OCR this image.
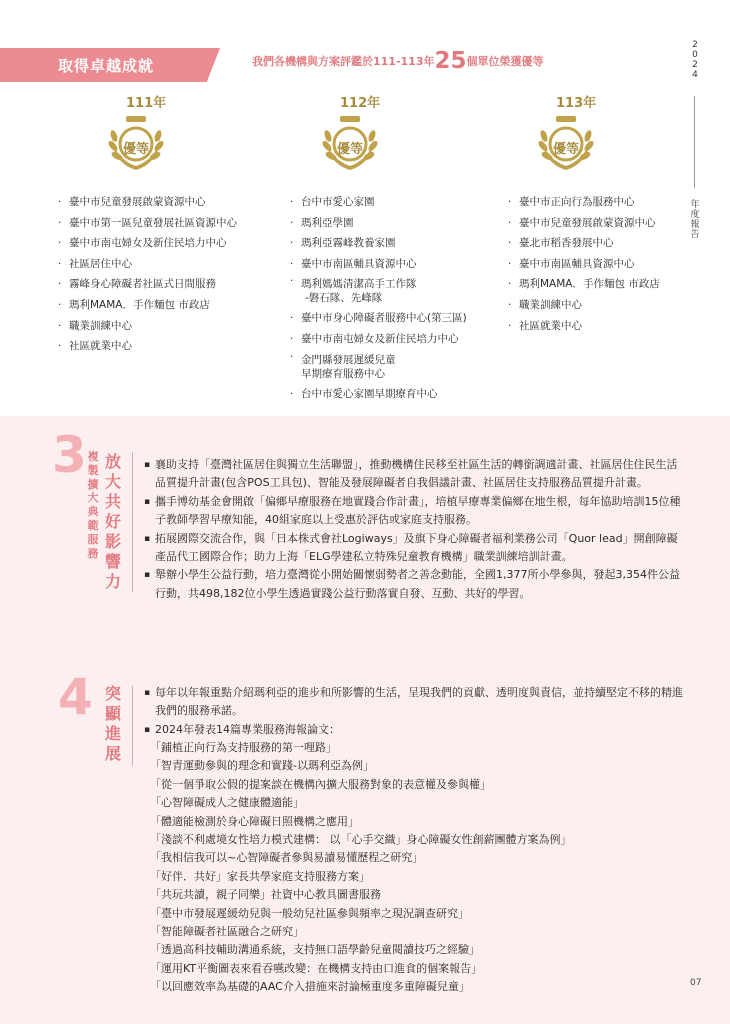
取得卓越成就	我們各機構與方案評鑑於111-113年25個單位榮獲優等
2
0
2
4
年
度
報
告
111年
優等
112年
優等
113年
優等
· 臺中市兒童發展啟蒙資源中心
· 臺中市第一區兒童發展社區資源中心
· 臺中市南屯婦女及新住民培力中心
· 社區居住中心
· 霧峰身心障礙者社區式日間服務
· 瑪利MAMA．手作麵包 市政店
· 職業訓練中心
· 社區就業中心
· 台中市愛心家園
· 瑪利亞學園
· 瑪利亞霧峰教養家園
· 臺中市南區輔具資源中心
· 瑪利媽媽清潔高手工作隊
-磐石隊、先峰隊
· 臺中市身心障礙者服務中心(第三區)
· 臺中市南屯婦女及新住民培力中心
· 金門縣發展遲緩兒童
早期療育服務中心
· 台中市愛心家園早期療育中心
· 臺中市正向行為服務中心
· 臺中市兒童發展啟蒙資源中心
· 臺北市稻香發展中心
· 臺中市南區輔具資源中心
· 瑪利MAMA．手作麵包 市政店
· 職業訓練中心
· 社區就業中心
3 複
製
擴
大
典
範
服
務
放
大
共
好
影
響
力
▪ 襄助支持「臺灣社區居住與獨立生活聯盟」，推動機構住民移至社區生活的轉銜調適計畫、社區居住住民生活品質提升計畫(包含POS工具包)、智能及發展障礙者自我倡議計畫、社區居住支持服務品質提升計畫。
▪ 攜手博幼基金會開啟「偏鄉早療服務在地實踐合作計畫」，培植早療專業偏鄉在地生根，每年協助培訓15位種子教師學習早療知能，40組家庭以上受惠於評估或家庭支持服務。
▪ 拓展國際交流合作，與「日本株式會社Logiways」及旗下身心障礙者福利業務公司「Quor lead」開創障礙產品代工國際合作；助力上海「ELG學建私立特殊兒童教育機構」職業訓練培訓計畫。
▪ 舉辦小學生公益行動，培力臺灣從小開始關懷弱勢者之善念動能，全國1,377所小學參與，發起3,354件公益行動，共498,182位小學生透過實踐公益行動落實自發、互動、共好的學習。
4 突
顯
進
展
▪ 每年以年報重點介紹瑪利亞的進步和所影響的生活，呈現我們的貢獻、透明度與責信，並持續堅定不移的精進我們的服務承諾。
▪ 2024年發表14篇專業服務海報論文：
「鋪植正向行為支持服務的第一哩路」
「智青運動參與的理念和實踐-以瑪利亞為例」
「從一個爭取公假的提案談在機構內擴大服務對象的表意權及參與權」
「心智障礙成人之健康體適能」
「體適能檢測於身心障礙日照機構之應用」
「淺談不利處境女性培力模式建構： 以「心手交織」身心障礙女性創薪團體方案為例」
「我相信我可以~心智障礙者參與易讀易懂歷程之研究」
「好伴．共好」家長共學家庭支持服務方案」
「共玩共讀，親子同樂」社資中心教具圖書服務
「臺中市發展遲緩幼兒與一般幼兒社區參與頻率之現況調查研究」
「智能障礙者社區融合之研究」
「透過高科技輔助溝通系統，支持無口語學齡兒童閱讀技巧之經驗」
「運用KT平衡圖表來看吞嚥改變：在機構支持由口進食的個案報告」
「以回應效率為基礎的AAC介入措施來討論極重度多重障礙兒童」	07
